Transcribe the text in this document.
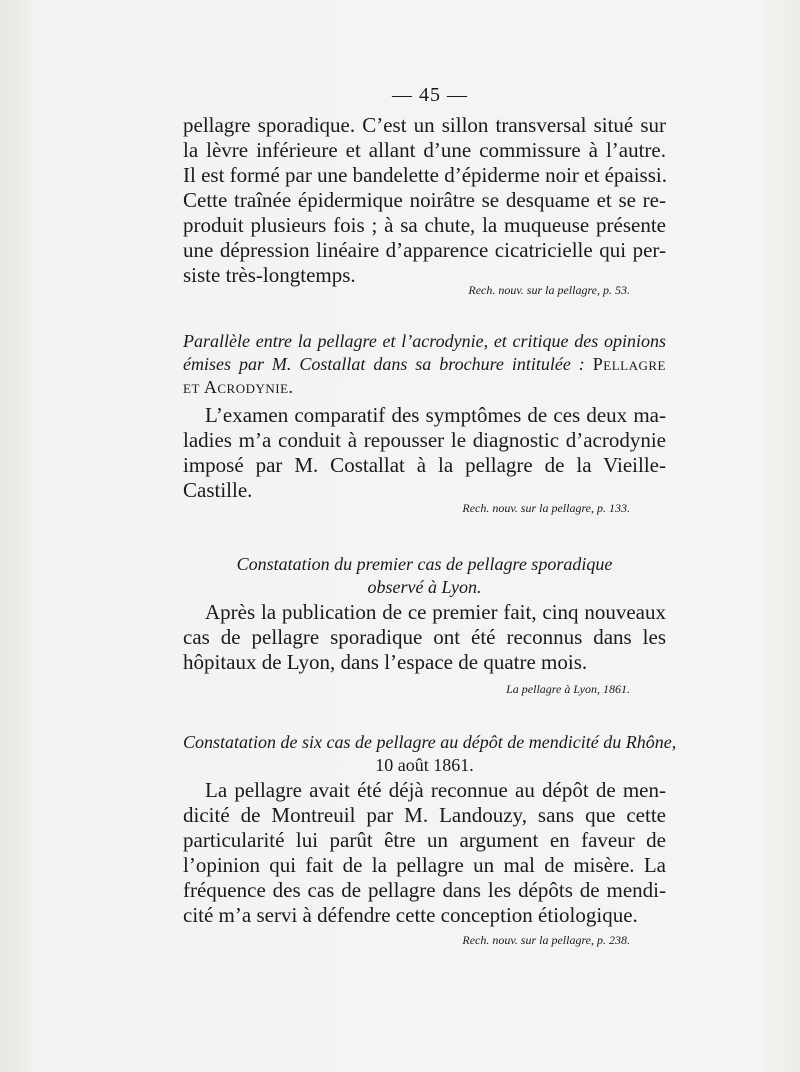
— 45 —
pellagre sporadique. C’est un sillon transversal situé sur
la lèvre inférieure et allant d’une commissure à l’autre.
Il est formé par une bandelette d’épiderme noir et épaissi.
Cette traînée épidermique noirâtre se desquame et se re-
produit plusieurs fois ; à sa chute, la muqueuse présente
une dépression linéaire d’apparence cicatricielle qui per-
siste très-longtemps.
Rech. nouv. sur la pellagre, p. 53.
Parallèle entre la pellagre et l’acrodynie, et critique des opinions
émises par M. Costallat dans sa brochure intitulée : Pellagre
et Acrodynie.
L’examen comparatif des symptômes de ces deux ma-
ladies m’a conduit à repousser le diagnostic d’acrodynie
imposé par M. Costallat à la pellagre de la Vieille-
Castille.
Rech. nouv. sur la pellagre, p. 133.
Constatation du premier cas de pellagre sporadique
observé à Lyon.
Après la publication de ce premier fait, cinq nouveaux
cas de pellagre sporadique ont été reconnus dans les
hôpitaux de Lyon, dans l’espace de quatre mois.
La pellagre à Lyon, 1861.
Constatation de six cas de pellagre au dépôt de mendicité du Rhône,
10 août 1861.
La pellagre avait été déjà reconnue au dépôt de men-
dicité de Montreuil par M. Landouzy, sans que cette
particularité lui parût être un argument en faveur de
l’opinion qui fait de la pellagre un mal de misère. La
fréquence des cas de pellagre dans les dépôts de mendi-
cité m’a servi à défendre cette conception étiologique.
Rech. nouv. sur la pellagre, p. 238.
